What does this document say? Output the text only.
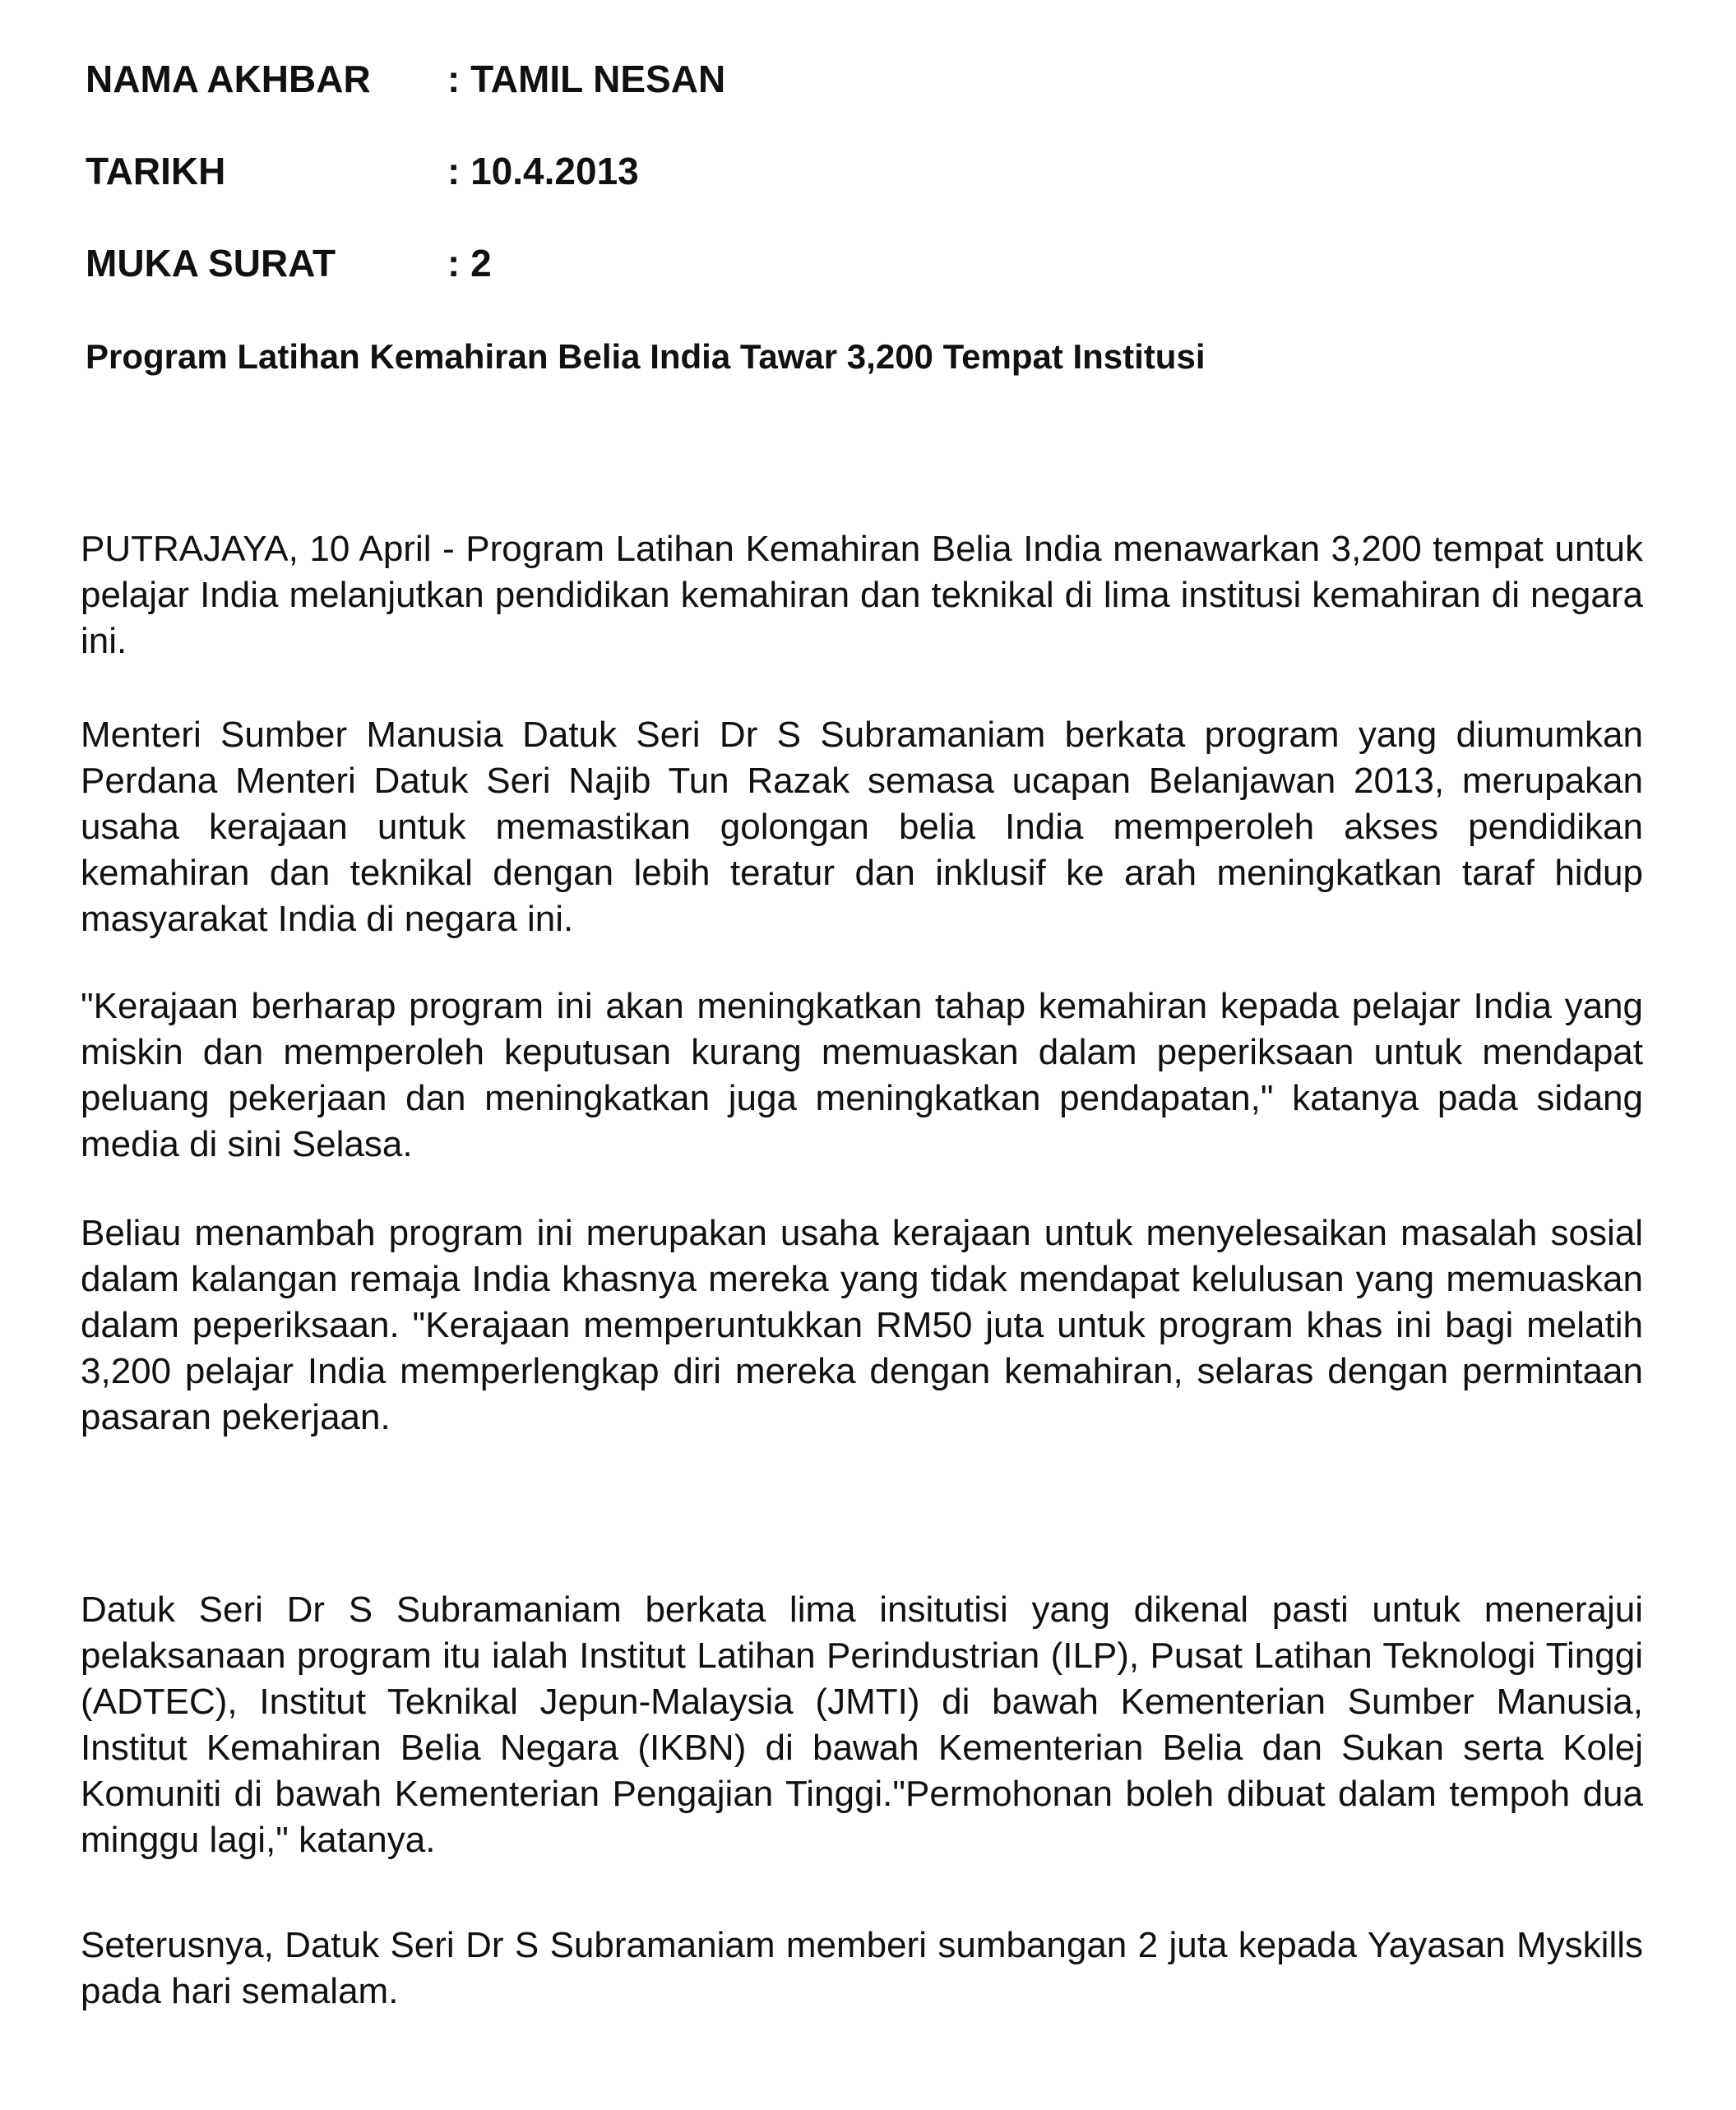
NAMA AKHBAR : TAMIL NESAN
TARIKH	: 10.4.2013
MUKA SURAT	: 2
Program Latihan Kemahiran Belia India Tawar 3,200 Tempat Institusi

PUTRAJAYA, 10 April - Program Latihan Kemahiran Belia India menawarkan 3,200 tempat untuk pelajar India melanjutkan pendidikan kemahiran dan teknikal di lima institusi kemahiran di negara ini.

Menteri Sumber Manusia Datuk Seri Dr S Subramaniam berkata program yang diumumkan Perdana Menteri Datuk Seri Najib Tun Razak semasa ucapan Belanjawan 2013, merupakan usaha kerajaan untuk memastikan golongan belia India memperoleh akses pendidikan kemahiran dan teknikal dengan lebih teratur dan inklusif ke arah meningkatkan taraf hidup masyarakat India di negara ini.

"Kerajaan berharap program ini akan meningkatkan tahap kemahiran kepada pelajar India yang miskin dan memperoleh keputusan kurang memuaskan dalam peperiksaan untuk mendapat peluang pekerjaan dan meningkatkan juga meningkatkan pendapatan," katanya pada sidang media di sini Selasa.

Beliau menambah program ini merupakan usaha kerajaan untuk menyelesaikan masalah sosial dalam kalangan remaja India khasnya mereka yang tidak mendapat kelulusan yang memuaskan dalam peperiksaan. "Kerajaan memperuntukkan RM50 juta untuk program khas ini bagi melatih 3,200 pelajar India memperlengkap diri mereka dengan kemahiran, selaras dengan permintaan pasaran pekerjaan.

Datuk Seri Dr S Subramaniam berkata lima insitutisi yang dikenal pasti untuk menerajui pelaksanaan program itu ialah Institut Latihan Perindustrian (ILP), Pusat Latihan Teknologi Tinggi (ADTEC), Institut Teknikal Jepun-Malaysia (JMTI) di bawah Kementerian Sumber Manusia, Institut Kemahiran Belia Negara (IKBN) di bawah Kementerian Belia dan Sukan serta Kolej Komuniti di bawah Kementerian Pengajian Tinggi."Permohonan boleh dibuat dalam tempoh dua minggu lagi," katanya.

Seterusnya, Datuk Seri Dr S Subramaniam memberi sumbangan 2 juta kepada Yayasan Myskills pada hari semalam.
